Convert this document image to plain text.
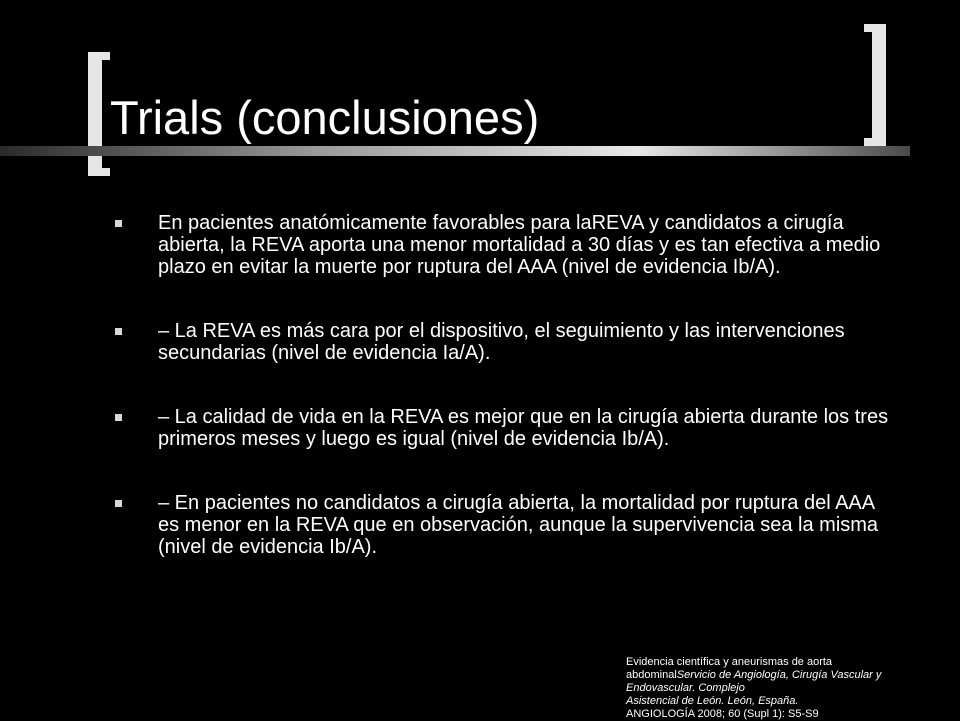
Trials (conclusiones)
En pacientes anatómicamente favorables para laREVA y candidatos a cirugía abierta, la REVA aporta una menor mortalidad a 30 días y es tan efectiva a medio plazo en evitar la muerte por ruptura del AAA (nivel de evidencia Ib/A).
– La REVA es más cara por el dispositivo, el seguimiento y las intervenciones secundarias (nivel de evidencia Ia/A).
– La calidad de vida en la REVA es mejor que en la cirugía abierta durante los tres primeros meses y luego es igual (nivel de evidencia Ib/A).
– En pacientes no candidatos a cirugía abierta, la mortalidad por ruptura del AAA es menor en la REVA que en observación, aunque la supervivencia sea la misma (nivel de evidencia Ib/A).
Evidencia científica y aneurismas de aorta
abdominalServicio de Angiología, Cirugía Vascular y
Endovascular. Complejo
Asistencial de León. León, España.
ANGIOLOGÍA 2008; 60 (Supl 1): S5-S9
